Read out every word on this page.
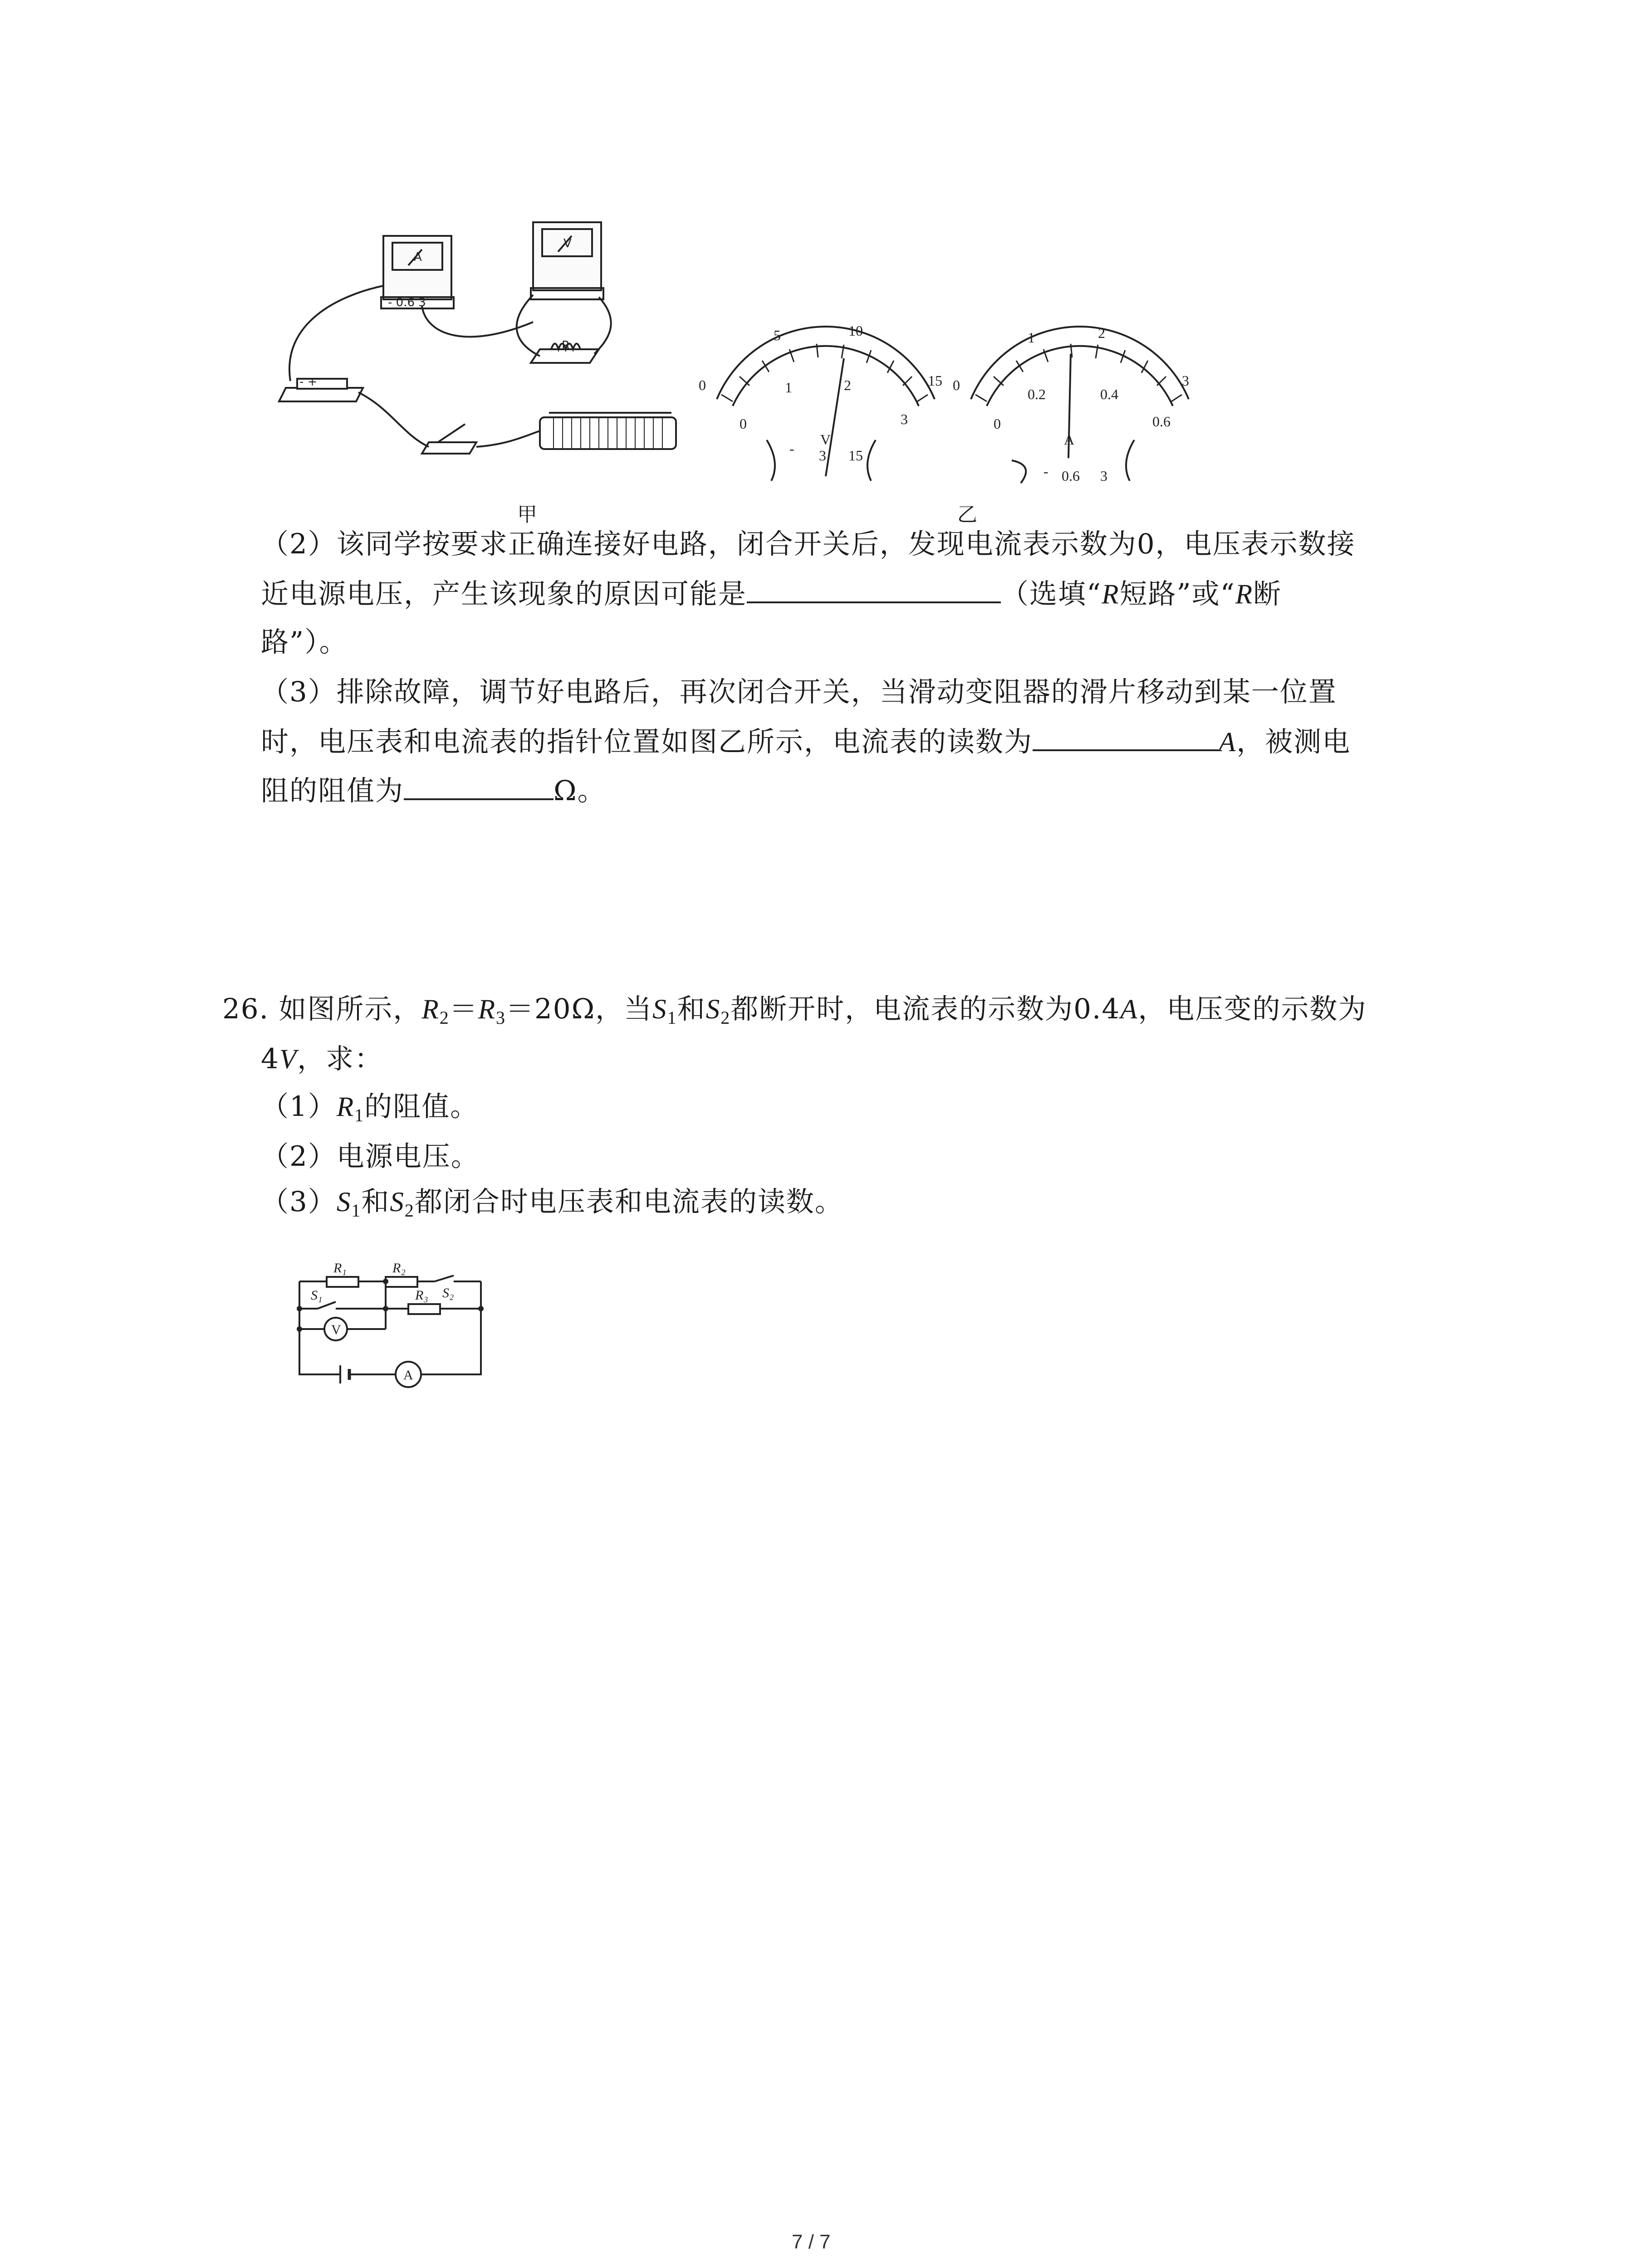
A
V
- 0.6 3
R
- +	0
5	10
15
0
1	2
3
V
- 3 15
0
1	2
3
0
0.2	0.4
0.6
A
- 0.6 3
甲	乙
（2）该同学按要求正确连接好电路，闭合开关后，发现电流表示数为0，电压表示数接
近电源电压，产生该现象的原因可能是	（选填“R短路”或“R断
路”）。
（3）排除故障，调节好电路后，再次闭合开关，当滑动变阻器的滑片移动到某一位置
时，电压表和电流表的指针位置如图乙所示，电流表的读数为	A，被测电
阻的阻值为	Ω。
26. 如图所示，$R_2=R_3=20\Omega$，当$S_1$和$S_2$都断开时，电流表的示数为0.4A，电压变的示数为
4V，求：
$(1)R_1$的阻值。
（2）电源电压。
$(3)S_1$和$S_2$都闭合时电压表和电流表的读数。
R₁	R₂
S₂
S₁	R₃
V
A
7 / 7
